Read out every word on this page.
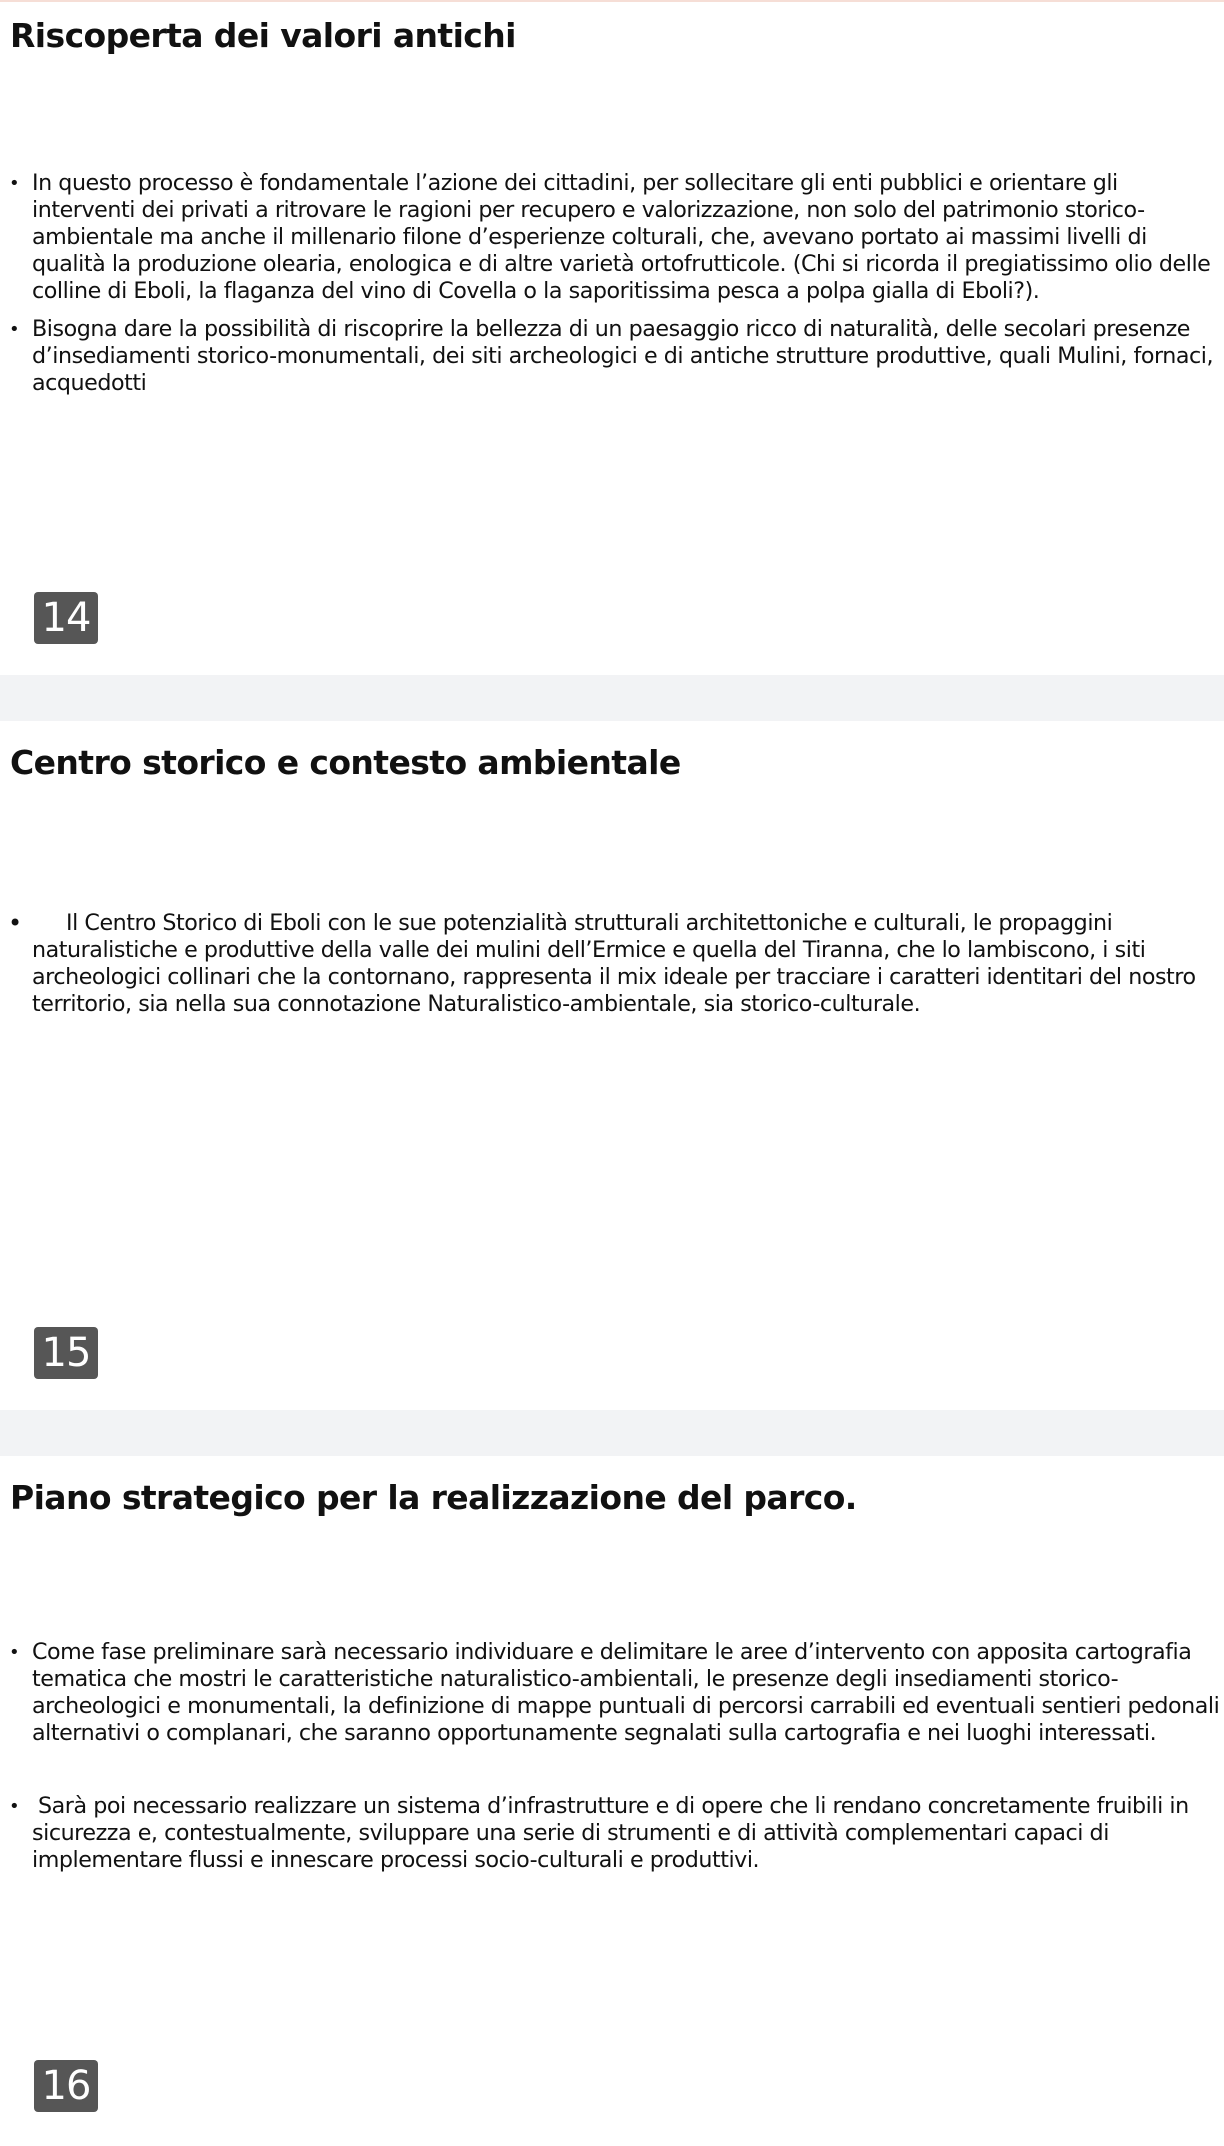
Riscoperta dei valori antichi
• In questo processo è fondamentale l’azione dei cittadini, per sollecitare gli enti pubblici e orientare gli interventi dei privati a ritrovare le ragioni per recupero e valorizzazione, non solo del patrimonio storico-ambientale ma anche il millenario filone d’esperienze colturali, che, avevano portato ai massimi livelli di qualità la produzione olearia, enologica e di altre varietà ortofrutticole. (Chi si ricorda il pregiatissimo olio delle colline di Eboli, la flaganza del vino di Covella o la saporitissima pesca a polpa gialla di Eboli?).
• Bisogna dare la possibilità di riscoprire la bellezza di un paesaggio ricco di naturalità, delle secolari presenze d’insediamenti storico-monumentali, dei siti archeologici e di antiche strutture produttive, quali Mulini, fornaci, acquedotti
14
Centro storico e contesto ambientale
• Il Centro Storico di Eboli con le sue potenzialità strutturali architettoniche e culturali, le propaggini naturalistiche e produttive della valle dei mulini dell’Ermice e quella del Tiranna, che lo lambiscono, i siti archeologici collinari che la contornano, rappresenta il mix ideale per tracciare i caratteri identitari del nostro territorio, sia nella sua connotazione Naturalistico-ambientale, sia storico-culturale.
15
Piano strategico per la realizzazione del parco.
• Come fase preliminare sarà necessario individuare e delimitare le aree d’intervento con apposita cartografia tematica che mostri le caratteristiche naturalistico-ambientali, le presenze degli insediamenti storico-archeologici e monumentali, la definizione di mappe puntuali di percorsi carrabili ed eventuali sentieri pedonali alternativi o complanari, che saranno opportunamente segnalati sulla cartografia e nei luoghi interessati.
• Sarà poi necessario realizzare un sistema d’infrastrutture e di opere che li rendano concretamente fruibili in sicurezza e, contestualmente, sviluppare una serie di strumenti e di attività complementari capaci di implementare flussi e innescare processi socio-culturali e produttivi.
16
